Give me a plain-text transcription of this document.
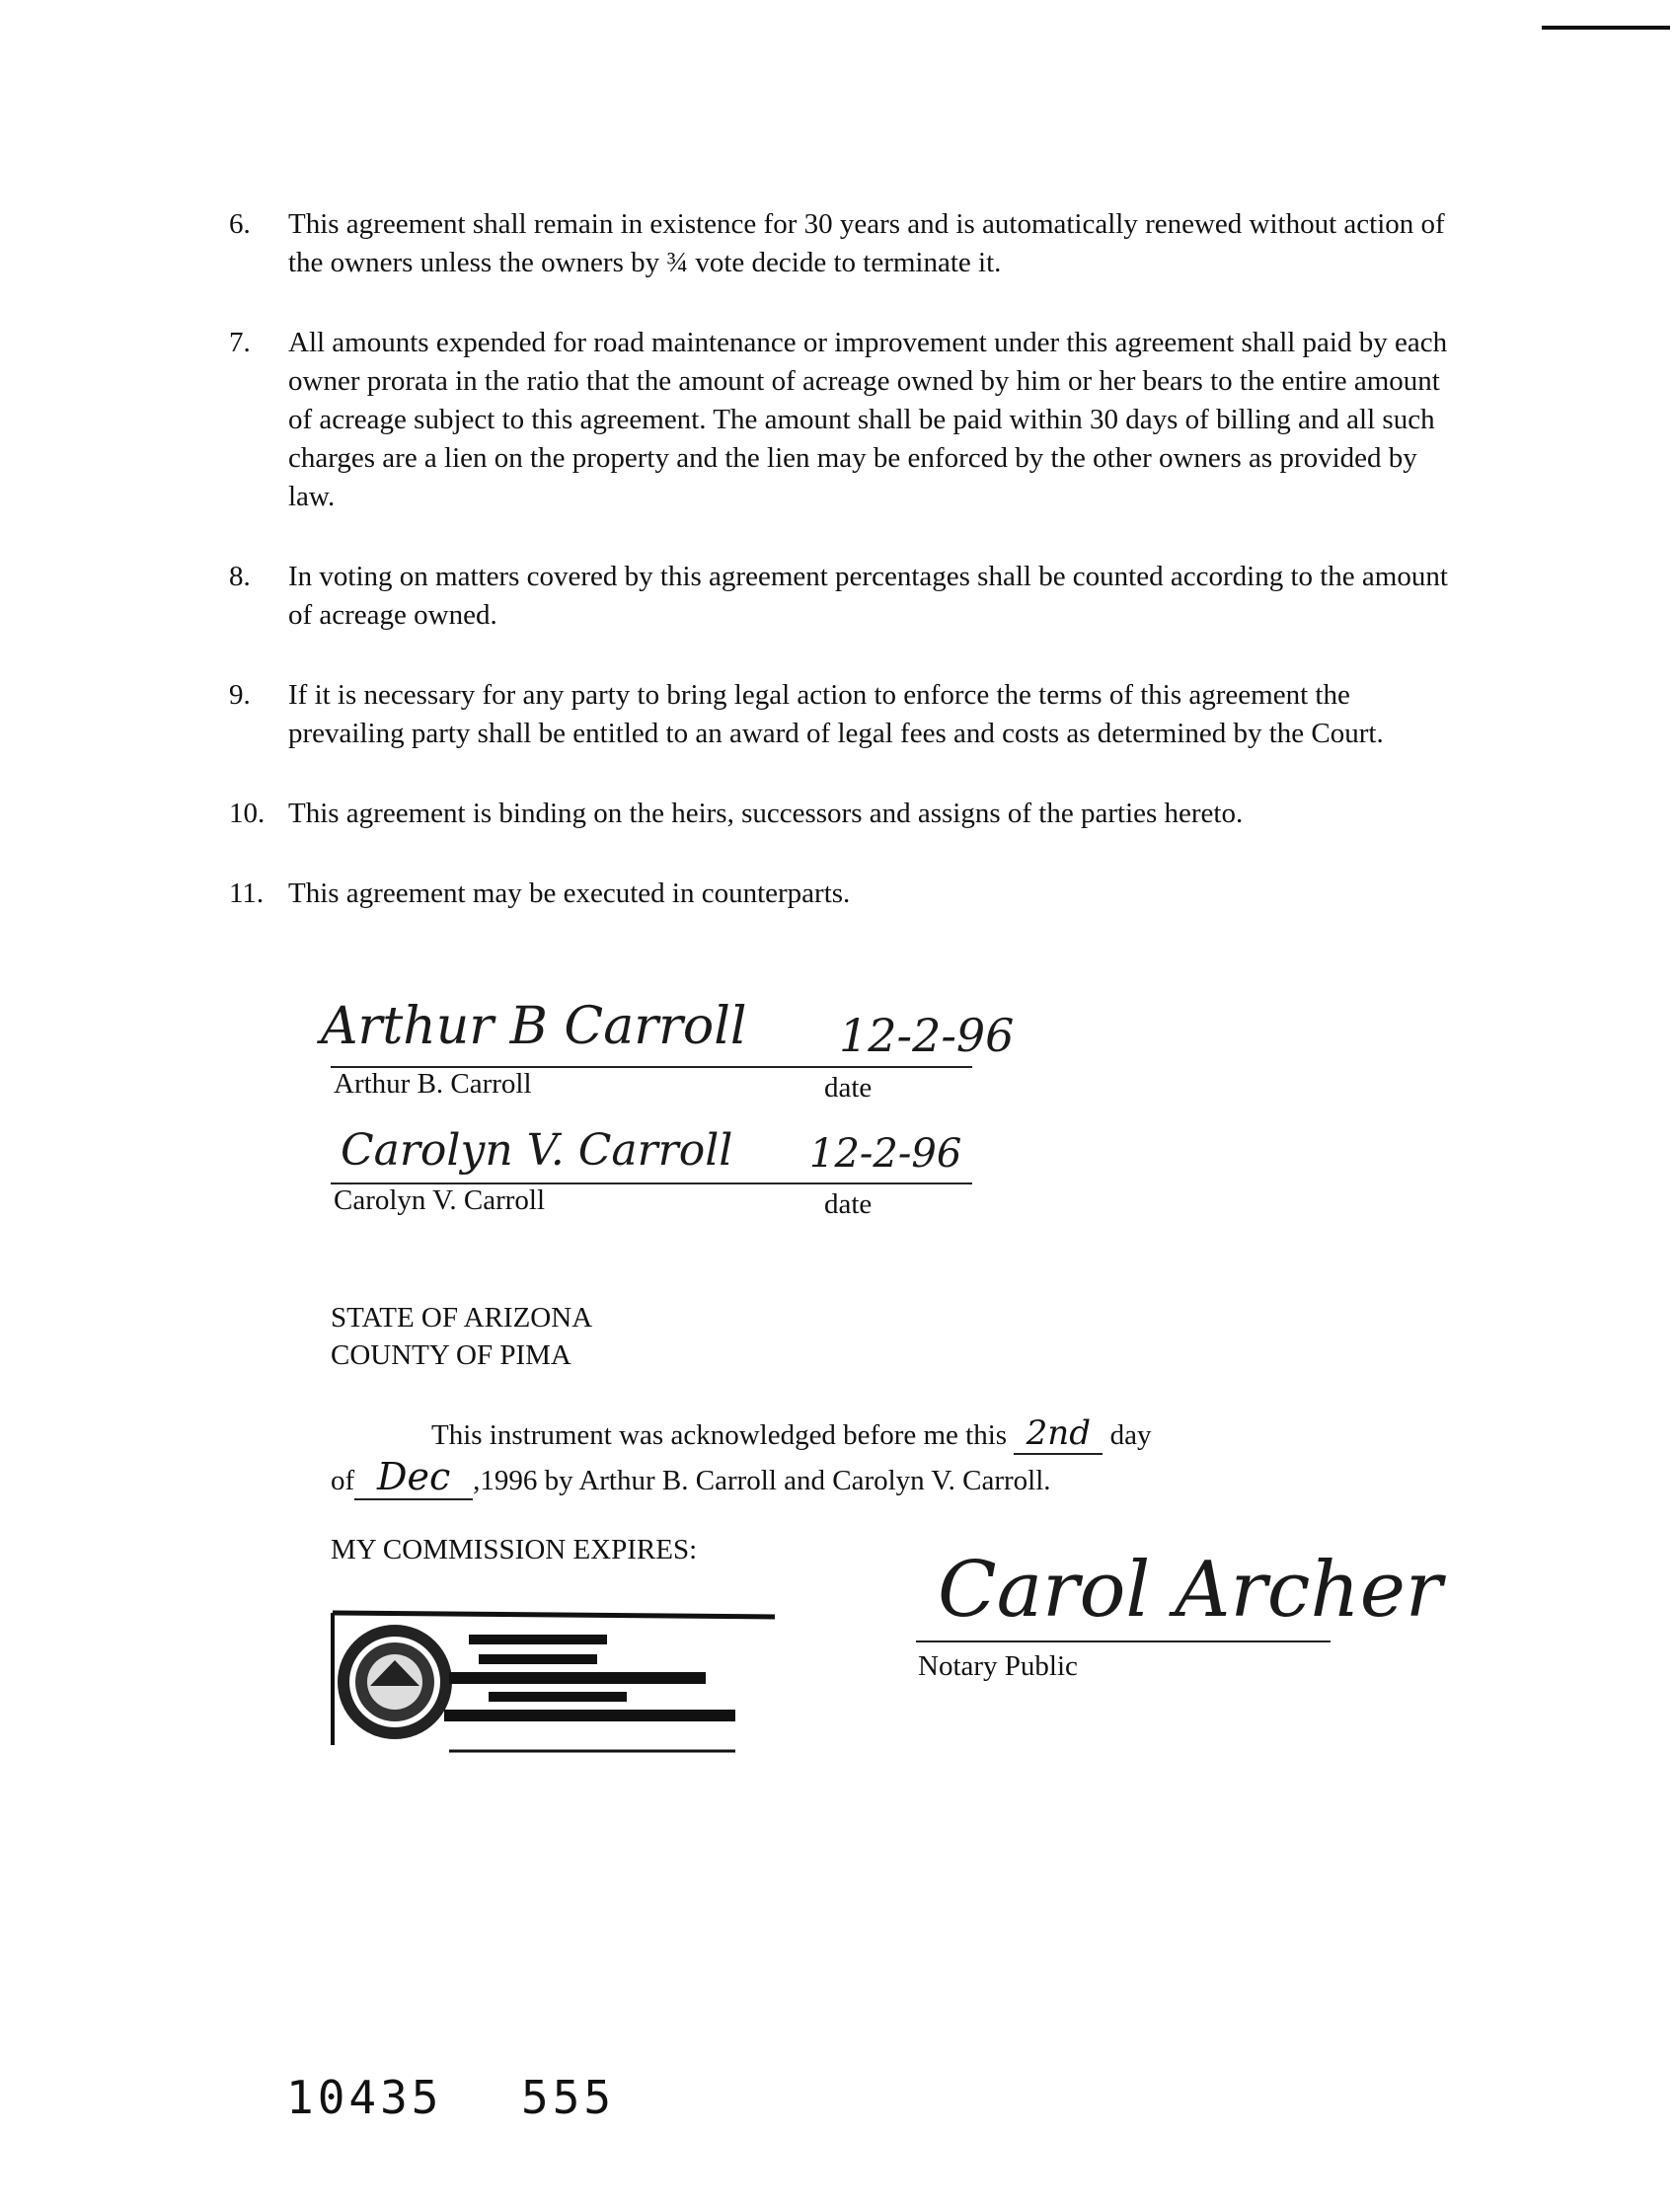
6.	This agreement shall remain in existence for 30 years and is automatically renewed without action of the owners unless the owners by ¾ vote decide to terminate it.
7.	All amounts expended for road maintenance or improvement under this agreement shall paid by each owner prorata in the ratio that the amount of acreage owned by him or her bears to the entire amount of acreage subject to this agreement. The amount shall be paid within 30 days of billing and all such charges are a lien on the property and the lien may be enforced by the other owners as provided by law.
8.	In voting on matters covered by this agreement percentages shall be counted according to the amount of acreage owned.
9.	If it is necessary for any party to bring legal action to enforce the terms of this agreement the prevailing party shall be entitled to an award of legal fees and costs as determined by the Court.
10. This agreement is binding on the heirs, successors and assigns of the parties hereto.
11. This agreement may be executed in counterparts.
Arthur B Carroll 12-2-96
Arthur B. Carroll	date
Carolyn V. Carroll 12-2-96
Carolyn V. Carroll	date
STATE OF ARIZONA
COUNTY OF PIMA
This instrument was acknowledged before me this 2nd day
of Dec ,1996 by Arthur B. Carroll and Carolyn V. Carroll.
MY COMMISSION EXPIRES:	Carol Archer
Notary Public
10435 555
